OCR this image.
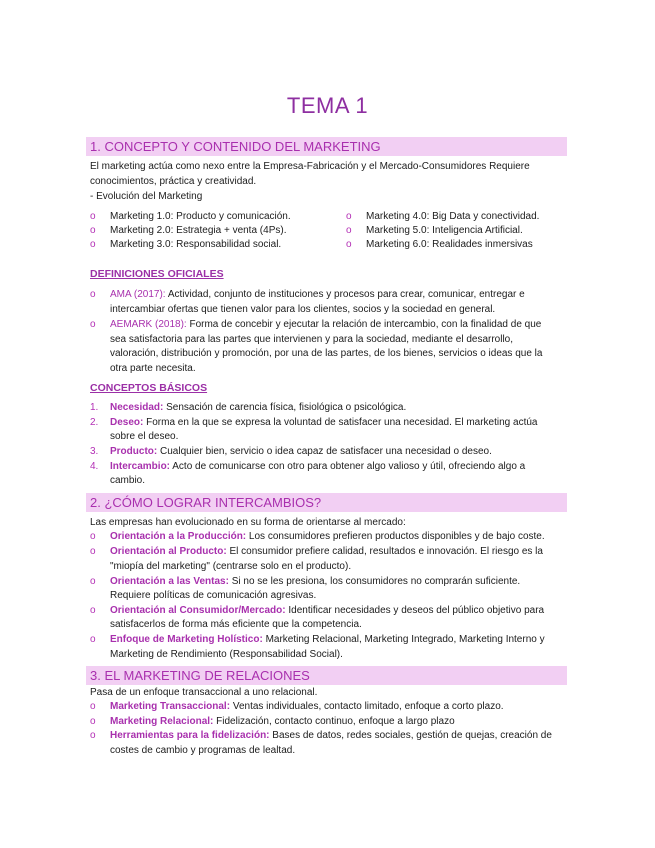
TEMA 1
1. CONCEPTO Y CONTENIDO DEL MARKETING

El marketing actúa como nexo entre la Empresa-Fabricación y el Mercado-Consumidores Requiere

conocimientos, práctica y creatividad.

- Evolución del Marketing

o	Marketing 1.0: Producto y comunicación.

o	Marketing 2.0: Estrategia + venta (4Ps).

o	Marketing 3.0: Responsabilidad social.

o	Marketing 4.0: Big Data y conectividad.

o	Marketing 5.0: Inteligencia Artificial.

o	Marketing 6.0: Realidades inmersivas

DEFINICIONES OFICIALES
o	AMA (2017): Actividad, conjunto de instituciones y procesos para crear, comunicar, entregar e

intercambiar ofertas que tienen valor para los clientes, socios y la sociedad en general.

o	AEMARK (2018): Forma de concebir y ejecutar la relación de intercambio, con la finalidad de que

sea satisfactoria para las partes que intervienen y para la sociedad, mediante el desarrollo,

valoración, distribución y promoción, por una de las partes, de los bienes, servicios o ideas que la

otra parte necesita.

CONCEPTOS BÁSICOS
1.	Necesidad: Sensación de carencia física, fisiológica o psicológica.

2.	Deseo: Forma en la que se expresa la voluntad de satisfacer una necesidad. El marketing actúa

sobre el deseo.

3.	Producto: Cualquier bien, servicio o idea capaz de satisfacer una necesidad o deseo.

4.	Intercambio: Acto de comunicarse con otro para obtener algo valioso y útil, ofreciendo algo a

cambio.

2. ¿CÓMO LOGRAR INTERCAMBIOS?

Las empresas han evolucionado en su forma de orientarse al mercado:

o	Orientación a la Producción: Los consumidores prefieren productos disponibles y de bajo coste.

o	Orientación al Producto: El consumidor prefiere calidad, resultados e innovación. El riesgo es la

"miopía del marketing" (centrarse solo en el producto).

o	Orientación a las Ventas: Si no se les presiona, los consumidores no comprarán suficiente.

Requiere políticas de comunicación agresivas.

o	Orientación al Consumidor/Mercado: Identificar necesidades y deseos del público objetivo para

satisfacerlos de forma más eficiente que la competencia.

o	Enfoque de Marketing Holístico: Marketing Relacional, Marketing Integrado, Marketing Interno y

Marketing de Rendimiento (Responsabilidad Social).

3. EL MARKETING DE RELACIONES

Pasa de un enfoque transaccional a uno relacional.

o	Marketing Transaccional: Ventas individuales, contacto limitado, enfoque a corto plazo.

o	Marketing Relacional: Fidelización, contacto continuo, enfoque a largo plazo

o	Herramientas para la fidelización: Bases de datos, redes sociales, gestión de quejas, creación de

costes de cambio y programas de lealtad.
